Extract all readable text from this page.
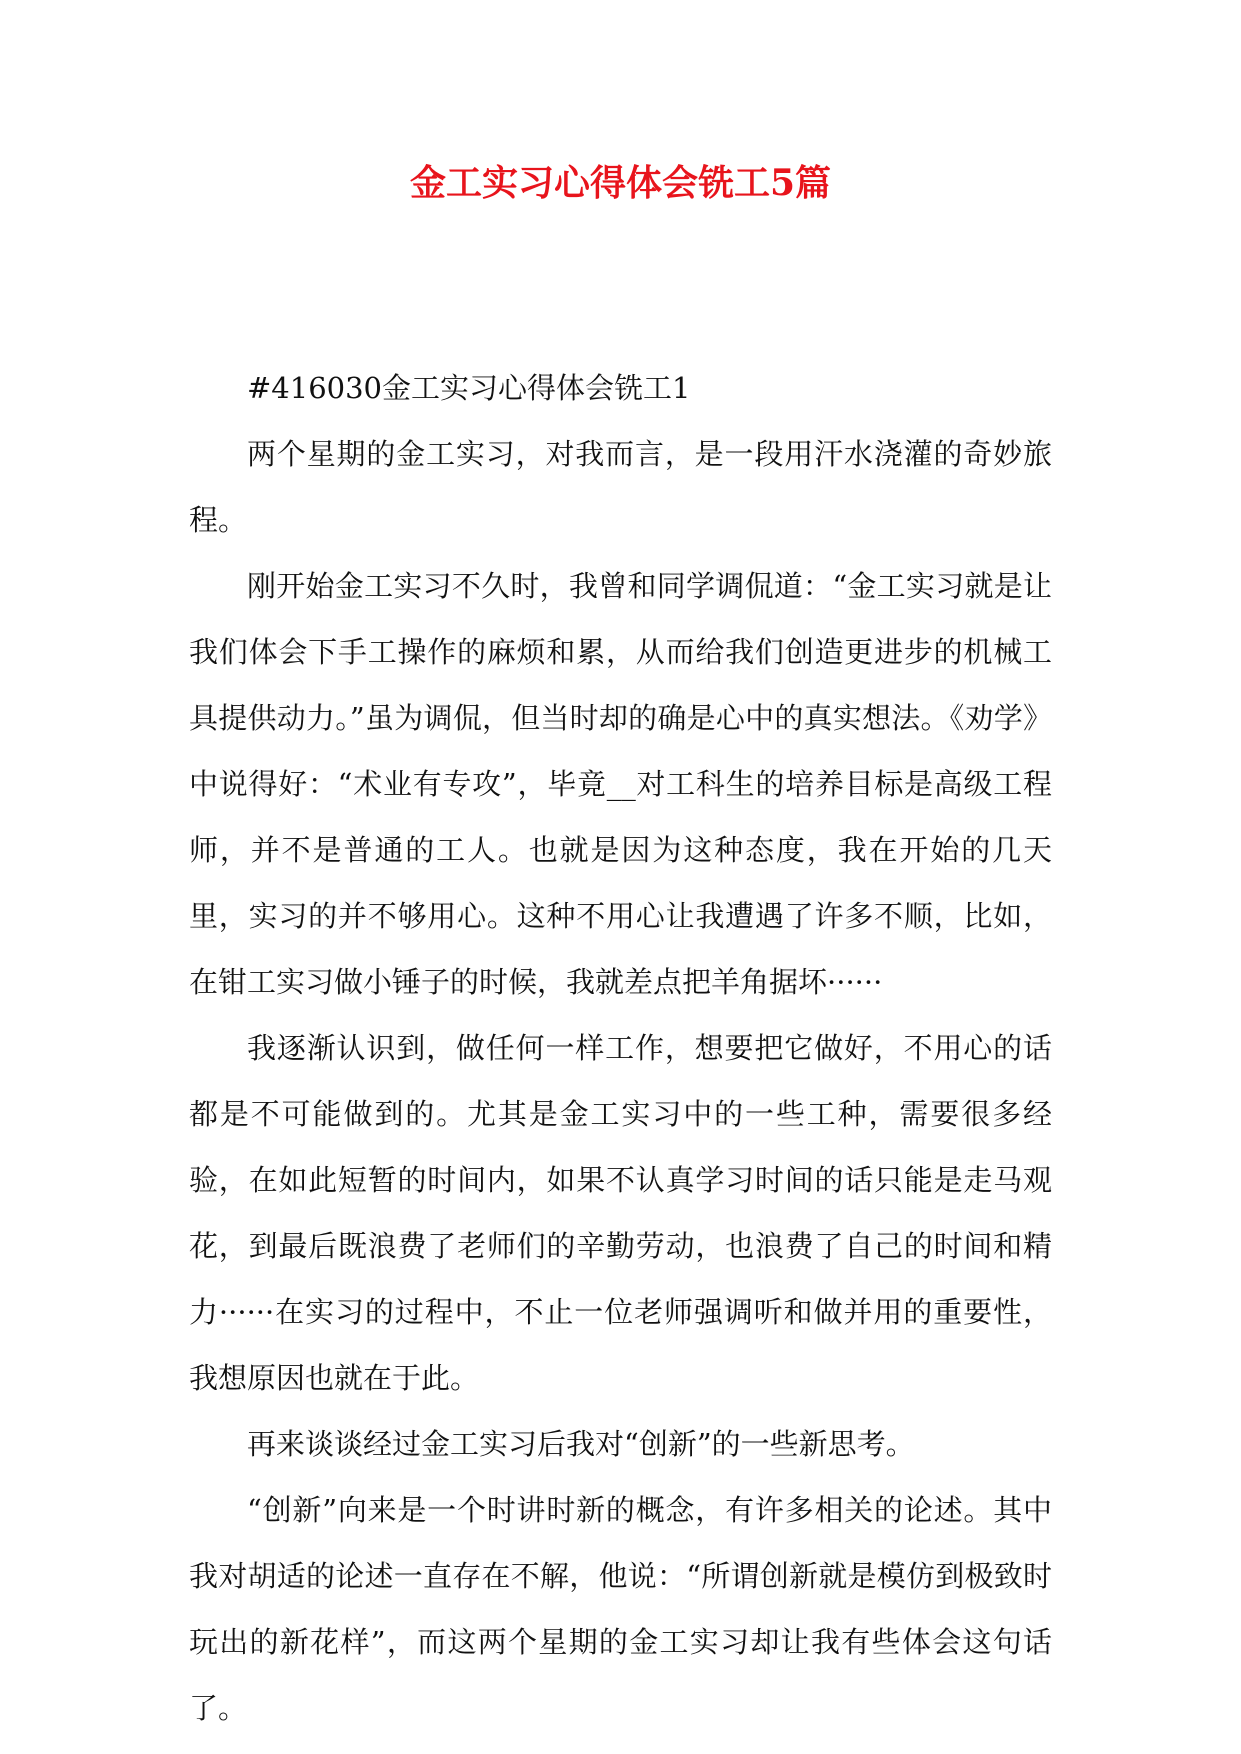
金工实习心得体会铣工5篇

#416030金工实习心得体会铣工1

两个星期的金工实习，对我而言，是一段用汗水浇灌的奇妙旅程。

刚开始金工实习不久时，我曾和同学调侃道：“金工实习就是让我们体会下手工操作的麻烦和累，从而给我们创造更进步的机械工具提供动力。”虽为调侃，但当时却的确是心中的真实想法。《劝学》中说得好：“术业有专攻”，毕竟__对工科生的培养目标是高级工程师，并不是普通的工人。也就是因为这种态度，我在开始的几天里，实习的并不够用心。这种不用心让我遭遇了许多不顺，比如，在钳工实习做小锤子的时候，我就差点把羊角据坏······

我逐渐认识到，做任何一样工作，想要把它做好，不用心的话都是不可能做到的。尤其是金工实习中的一些工种，需要很多经验，在如此短暂的时间内，如果不认真学习时间的话只能是走马观花，到最后既浪费了老师们的辛勤劳动，也浪费了自己的时间和精力······在实习的过程中，不止一位老师强调听和做并用的重要性，我想原因也就在于此。

再来谈谈经过金工实习后我对“创新”的一些新思考。

“创新”向来是一个时讲时新的概念，有许多相关的论述。其中我对胡适的论述一直存在不解，他说：“所谓创新就是模仿到极致时玩出的新花样”，而这两个星期的金工实习却让我有些体会这句话了。
